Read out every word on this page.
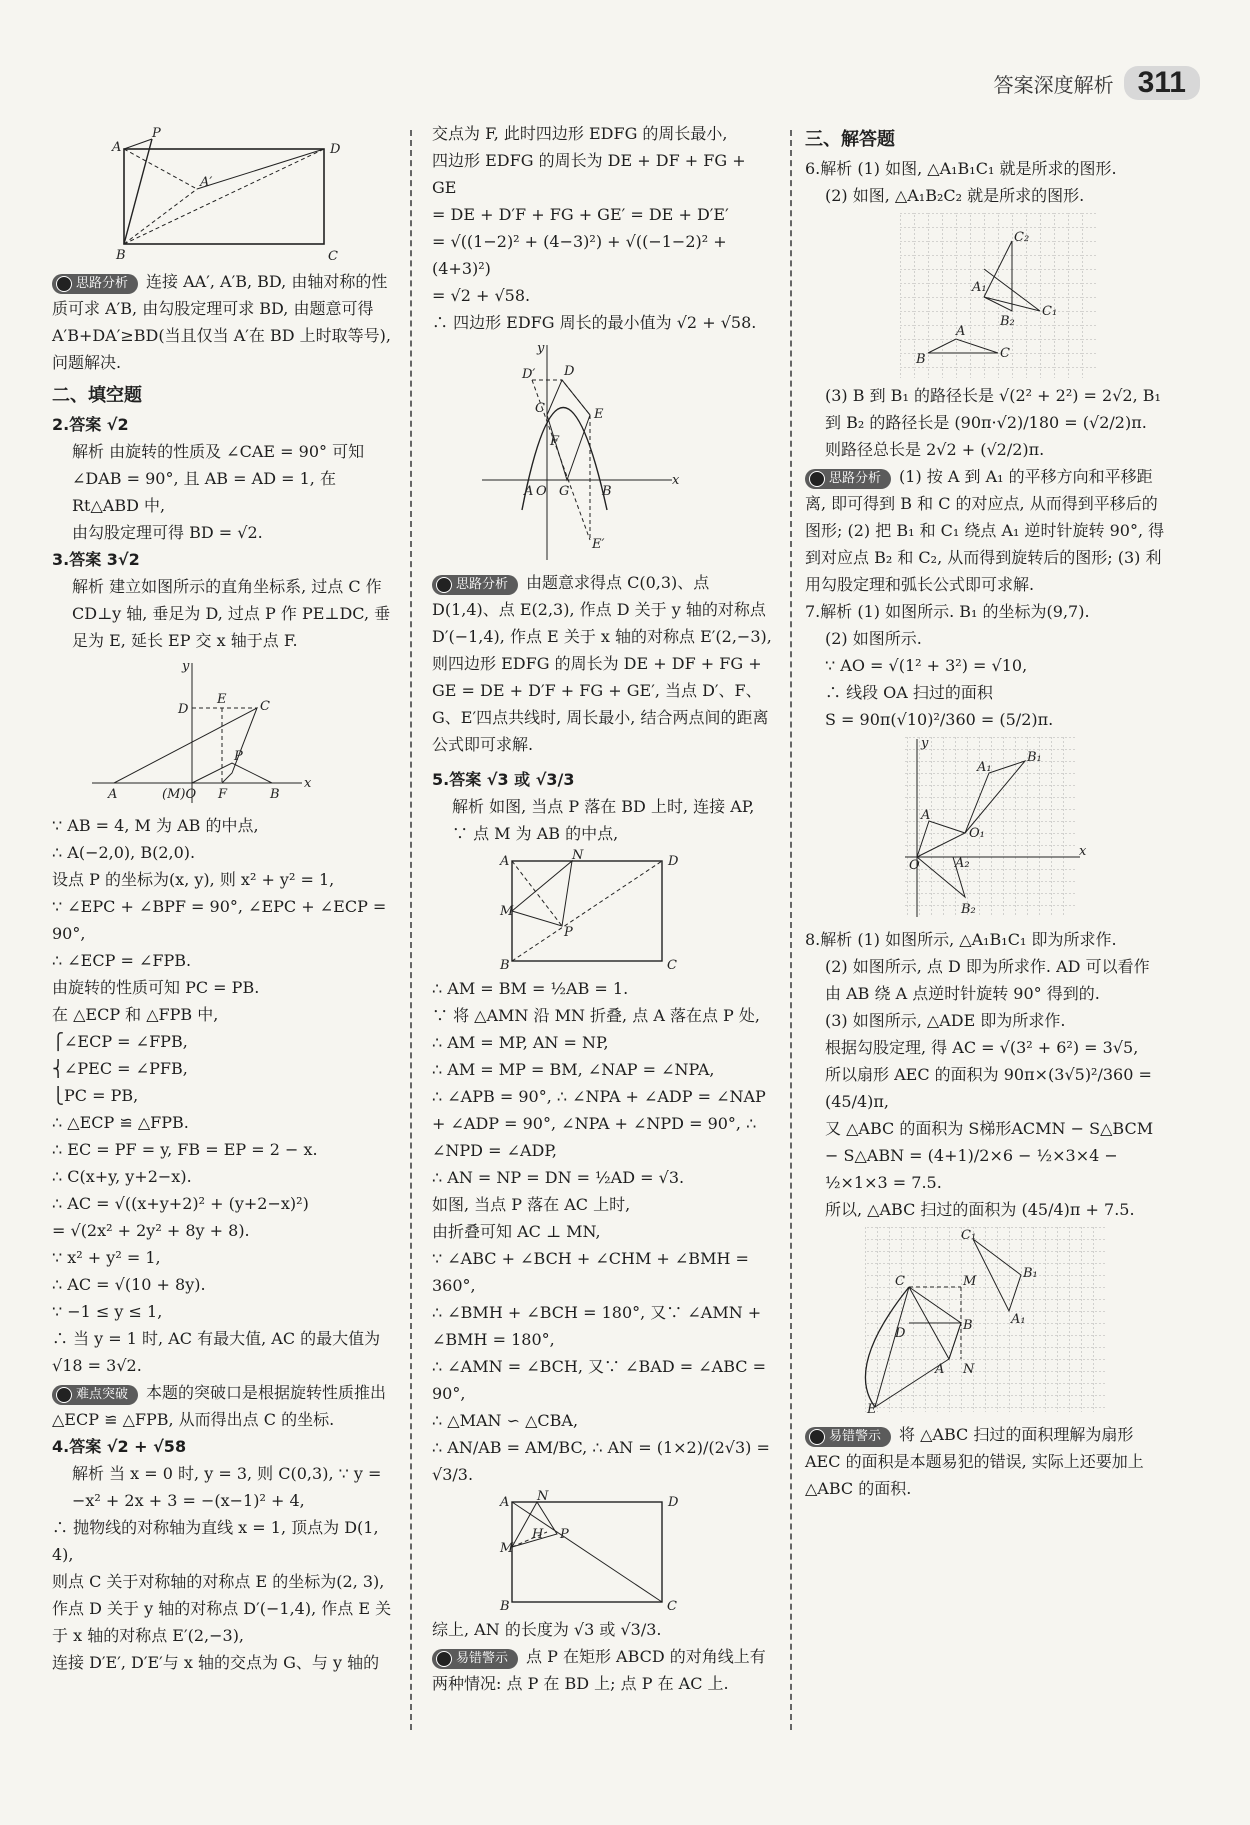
答案深度解析 311
A
P
D
A′
B	C

思路分析 连接 AA′, A′B, BD, 由轴对称的性质可求 A′B, 由勾股定理可求 BD, 由题意可得 A′B+DA′≥BD(当且仅当 A′在 BD 上时取等号), 问题解决.

二、填空题

2.答案 √2

解析 由旋转的性质及 ∠CAE = 90° 可知 ∠DAB = 90°, 且 AB = AD = 1, 在 Rt△ABD 中,

由勾股定理可得 BD = √2.

3.答案 3√2

解析 建立如图所示的直角坐标系, 过点 C 作 CD⊥y 轴, 垂足为 D, 过点 P 作 PE⊥DC, 垂足为 E, 延长 EP 交 x 轴于点 F.

D
E	C
P
A	(M)O F	B
x
y

∵ AB = 4, M 为 AB 的中点,

∴ A(−2,0), B(2,0).

设点 P 的坐标为(x, y), 则 x² + y² = 1,

∵ ∠EPC + ∠BPF = 90°, ∠EPC + ∠ECP = 90°,

∴ ∠ECP = ∠FPB.

由旋转的性质可知 PC = PB.

在 △ECP 和 △FPB 中,

⎧∠ECP = ∠FPB,

⎨∠PEC = ∠PFB,

⎩PC = PB,

∴ △ECP ≌ △FPB.

∴ EC = PF = y, FB = EP = 2 − x.

∴ C(x+y, y+2−x).

∴ AC = √((x+y+2)² + (y+2−x)²)

= √(2x² + 2y² + 8y + 8).

∵ x² + y² = 1,

∴ AC = √(10 + 8y).

∵ −1 ≤ y ≤ 1,

∴ 当 y = 1 时, AC 有最大值, AC 的最大值为

√18 = 3√2.

难点突破 本题的突破口是根据旋转性质推出 △ECP ≌ △FPB, 从而得出点 C 的坐标.

4.答案 √2 + √58

解析 当 x = 0 时, y = 3, 则 C(0,3), ∵ y = −x² + 2x + 3 = −(x−1)² + 4,

∴ 抛物线的对称轴为直线 x = 1, 顶点为 D(1, 4),

则点 C 关于对称轴的对称点 E 的坐标为(2, 3), 作点 D 关于 y 轴的对称点 D′(−1,4), 作点 E 关于 x 轴的对称点 E′(2,−3),

连接 D′E′, D′E′与 x 轴的交点为 G、与 y 轴的

交点为 F, 此时四边形 EDFG 的周长最小,

四边形 EDFG 的周长为 DE + DF + FG + GE

= DE + D′F + FG + GE′ = DE + D′E′

= √((1−2)² + (4−3)²) + √((−1−2)² + (4+3)²)

= √2 + √58.

∴ 四边形 EDFG 周长的最小值为 √2 + √58.

D′ D
C	E
F
A O G	B
x
y
E′

思路分析 由题意求得点 C(0,3)、点 D(1,4)、点 E(2,3), 作点 D 关于 y 轴的对称点 D′(−1,4), 作点 E 关于 x 轴的对称点 E′(2,−3), 则四边形 EDFG 的周长为 DE + DF + FG + GE = DE + D′F + FG + GE′, 当点 D′、F、G、E′四点共线时, 周长最小, 结合两点间的距离公式即可求解.

5.答案 √3 或 √3/3

解析 如图, 当点 P 落在 BD 上时, 连接 AP,

∵ 点 M 为 AB 的中点,

A	N	D
M
P
B	C

∴ AM = BM = ½AB = 1.

∵ 将 △AMN 沿 MN 折叠, 点 A 落在点 P 处,

∴ AM = MP, AN = NP,

∴ AM = MP = BM, ∠NAP = ∠NPA,

∴ ∠APB = 90°, ∴ ∠NPA + ∠ADP = ∠NAP + ∠ADP = 90°, ∠NPA + ∠NPD = 90°, ∴ ∠NPD = ∠ADP,

∴ AN = NP = DN = ½AD = √3.

如图, 当点 P 落在 AC 上时,

由折叠可知 AC ⊥ MN,

∵ ∠ABC + ∠BCH + ∠CHM + ∠BMH = 360°,

∴ ∠BMH + ∠BCH = 180°, 又∵ ∠AMN + ∠BMH = 180°,

∴ ∠AMN = ∠BCH, 又∵ ∠BAD = ∠ABC = 90°,

∴ △MAN ∽ △CBA,

∴ AN/AB = AM/BC, ∴ AN = (1×2)/(2√3) = √3/3.

A N	D
M
H P
B	C

综上, AN 的长度为 √3 或 √3/3.

易错警示 点 P 在矩形 ABCD 的对角线上有两种情况: 点 P 在 BD 上; 点 P 在 AC 上.

三、解答题

6.解析 (1) 如图, △A₁B₁C₁ 就是所求的图形.

(2) 如图, △A₁B₂C₂ 就是所求的图形.

A₁
C₂
B₂
C₁
A
C
B

(3) B 到 B₁ 的路径长是 √(2² + 2²) = 2√2, B₁ 到 B₂ 的路径长是 (90π·√2)/180 = (√2/2)π.

则路径总长是 2√2 + (√2/2)π.

思路分析 (1) 按 A 到 A₁ 的平移方向和平移距离, 即可得到 B 和 C 的对应点, 从而得到平移后的图形; (2) 把 B₁ 和 C₁ 绕点 A₁ 逆时针旋转 90°, 得到对应点 B₂ 和 C₂, 从而得到旋转后的图形; (3) 利用勾股定理和弧长公式即可求解.

7.解析 (1) 如图所示. B₁ 的坐标为(9,7).

(2) 如图所示.

∵ AO = √(1² + 3²) = √10,

∴ 线段 OA 扫过的面积

S = 90π(√10)²/360 = (5/2)π.

O
A
O₁
A₁
B₁
A₂
B₂
x
y

8.解析 (1) 如图所示, △A₁B₁C₁ 即为所求作.

(2) 如图所示, 点 D 即为所求作. AD 可以看作由 AB 绕 A 点逆时针旋转 90° 得到的.

(3) 如图所示, △ADE 即为所求作.

根据勾股定理, 得 AC = √(3² + 6²) = 3√5,

所以扇形 AEC 的面积为 90π×(3√5)²/360 = (45/4)π,

又 △ABC 的面积为 S梯形ACMN − S△BCM − S△ABN = (4+1)/2×6 − ½×3×4 − ½×1×3 = 7.5.

所以, △ABC 扫过的面积为 (45/4)π + 7.5.

C₁
B₁
A₁
C	M
B
A N
E
D

易错警示 将 △ABC 扫过的面积理解为扇形 AEC 的面积是本题易犯的错误, 实际上还要加上 △ABC 的面积.
